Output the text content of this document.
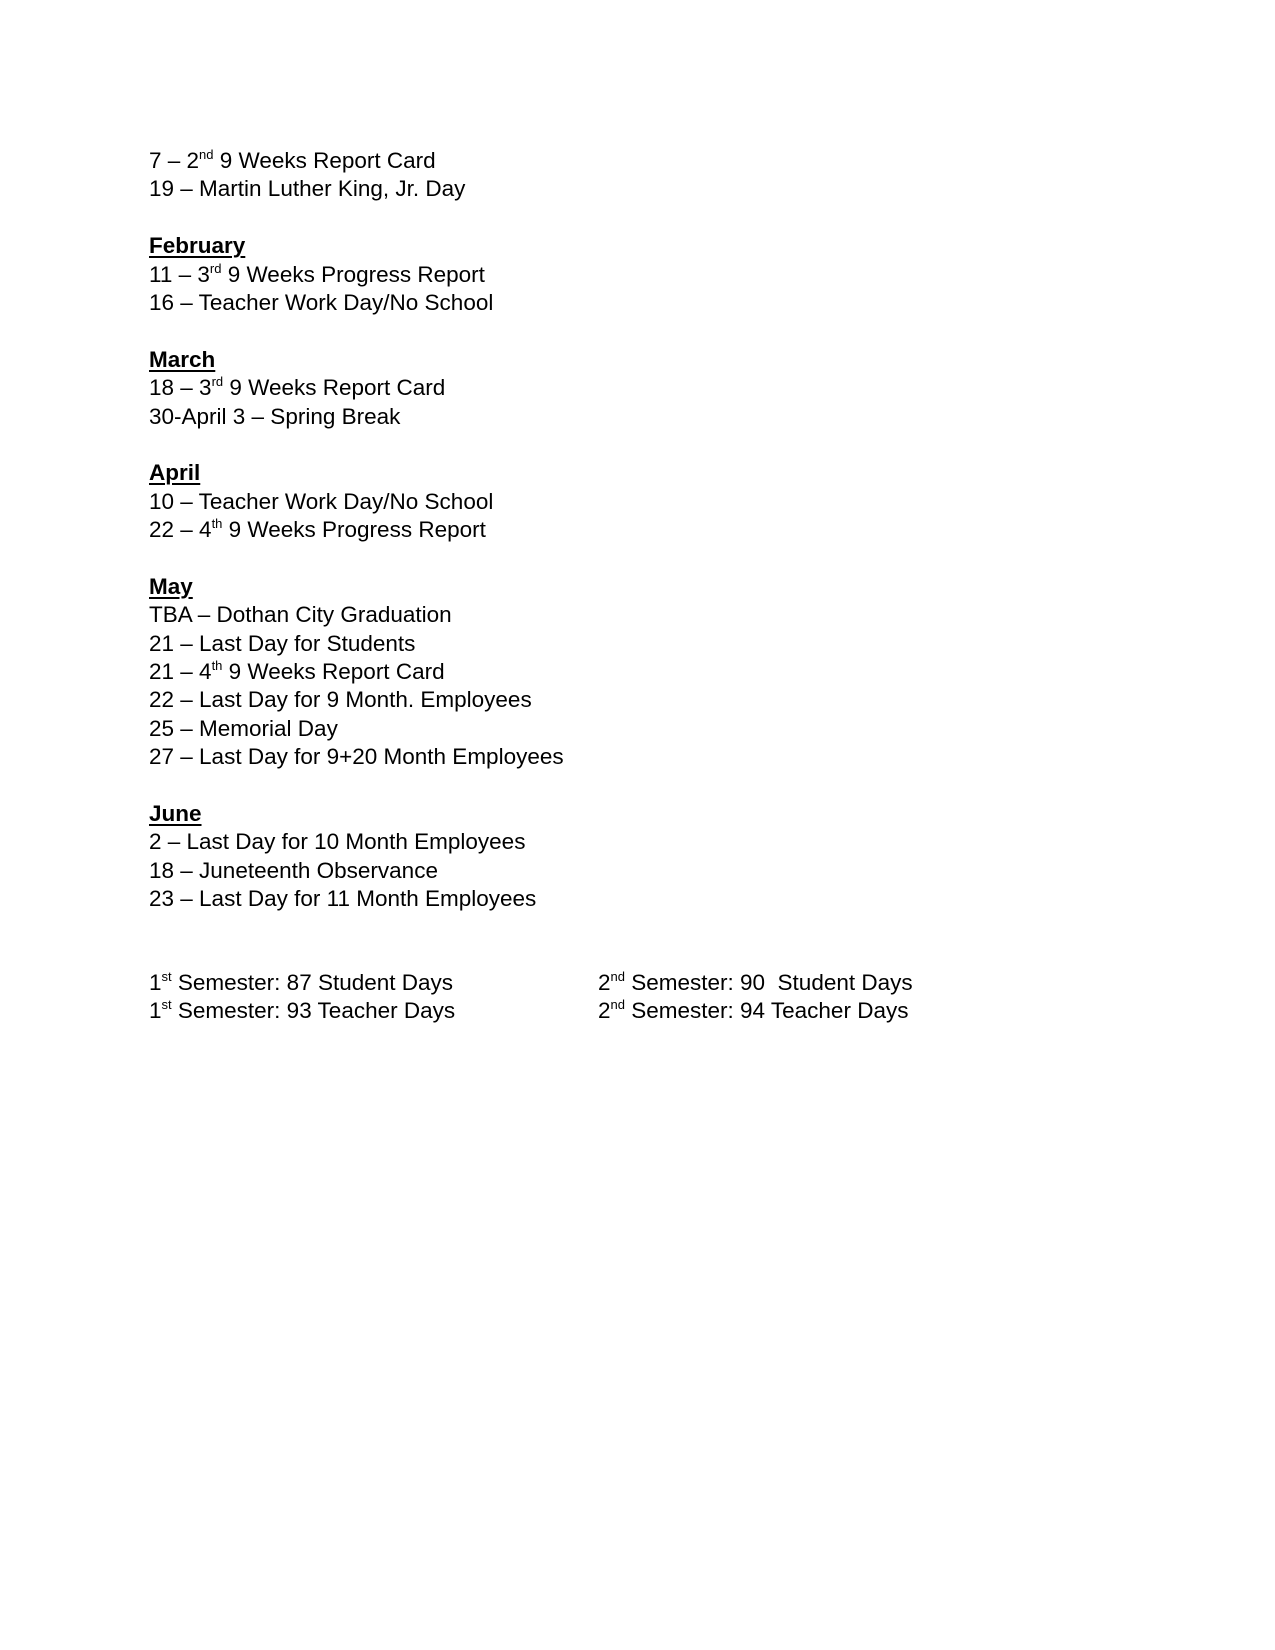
7 – 2nd 9 Weeks Report Card
19 – Martin Luther King, Jr. Day
February
11 – 3rd 9 Weeks Progress Report
16 – Teacher Work Day/No School
March
18 – 3rd 9 Weeks Report Card
30-April 3 – Spring Break
April
10 – Teacher Work Day/No School
22 – 4th 9 Weeks Progress Report
May
TBA – Dothan City Graduation
21 – Last Day for Students
21 – 4th 9 Weeks Report Card
22 – Last Day for 9 Month. Employees
25 – Memorial Day
27 – Last Day for 9+20 Month Employees
June
2 – Last Day for 10 Month Employees
18 – Juneteenth Observance
23 – Last Day for 11 Month Employees
1st Semester: 87 Student Days	2nd Semester: 90  Student Days
1st Semester: 93 Teacher Days	2nd Semester: 94 Teacher Days
